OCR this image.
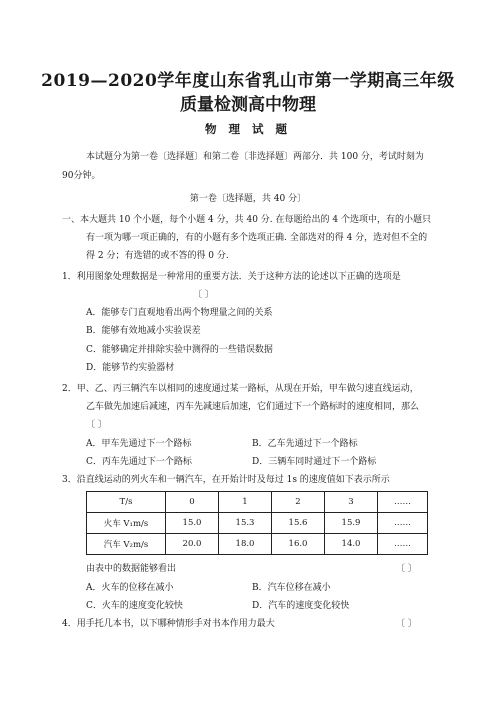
2019—2020学年度山东省乳山市第一学期高三年级
质量检测高中物理
物 理 试 题
本试题分为第一卷〔选择题〕和第二卷〔非选择题〕两部分．共 100 分，考试时刻为
90分钟。
第一卷〔选择题，共 40 分〕
一、本大题共 10 个小题，每个小题 4 分，共 40 分. 在每题给出的 4 个选项中，有的小题只
有一项为哪一项正确的，有的小题有多个选项正确. 全部选对的得 4 分，选对但不全的
得 2 分；有选错的或不答的得 0 分.
1．利用图象处理数据是一种常用的重要方法．关于这种方法的论述以下正确的选项是
〔 〕
A．能够专门直观地看出两个物理量之间的关系
B．能够有效地减小实验误差
C．能够确定并排除实验中测得的一些错误数据
D．能够节约实验器材
2．甲、乙、丙三辆汽车以相同的速度通过某一路标，从现在开始，甲车做匀速直线运动，
乙车做先加速后减速，丙车先减速后加速，它们通过下一个路标时的速度相同，那么
〔 〕
A．甲车先通过下一个路标	B．乙车先通过下一个路标
C．丙车先通过下一个路标	D．三辆车同时通过下一个路标
3．沿直线运动的列火车和一辆汽车，在开始计时及每过 1s 的速度值如下表示所示
T/s	0	1	2	3	……
火车 V₁m/s	15.0	15.3	15.6	15.9	……
汽车 V₂m/s	20.0	18.0	16.0	14.0	……
由表中的数据能够看出	〔 〕
A．火车的位移在减小	B．汽车位移在减小
C．火车的速度变化较快	D．汽车的速度变化较快
4．用手托几本书，以下哪种情形手对书本作用力最大	〔 〕
